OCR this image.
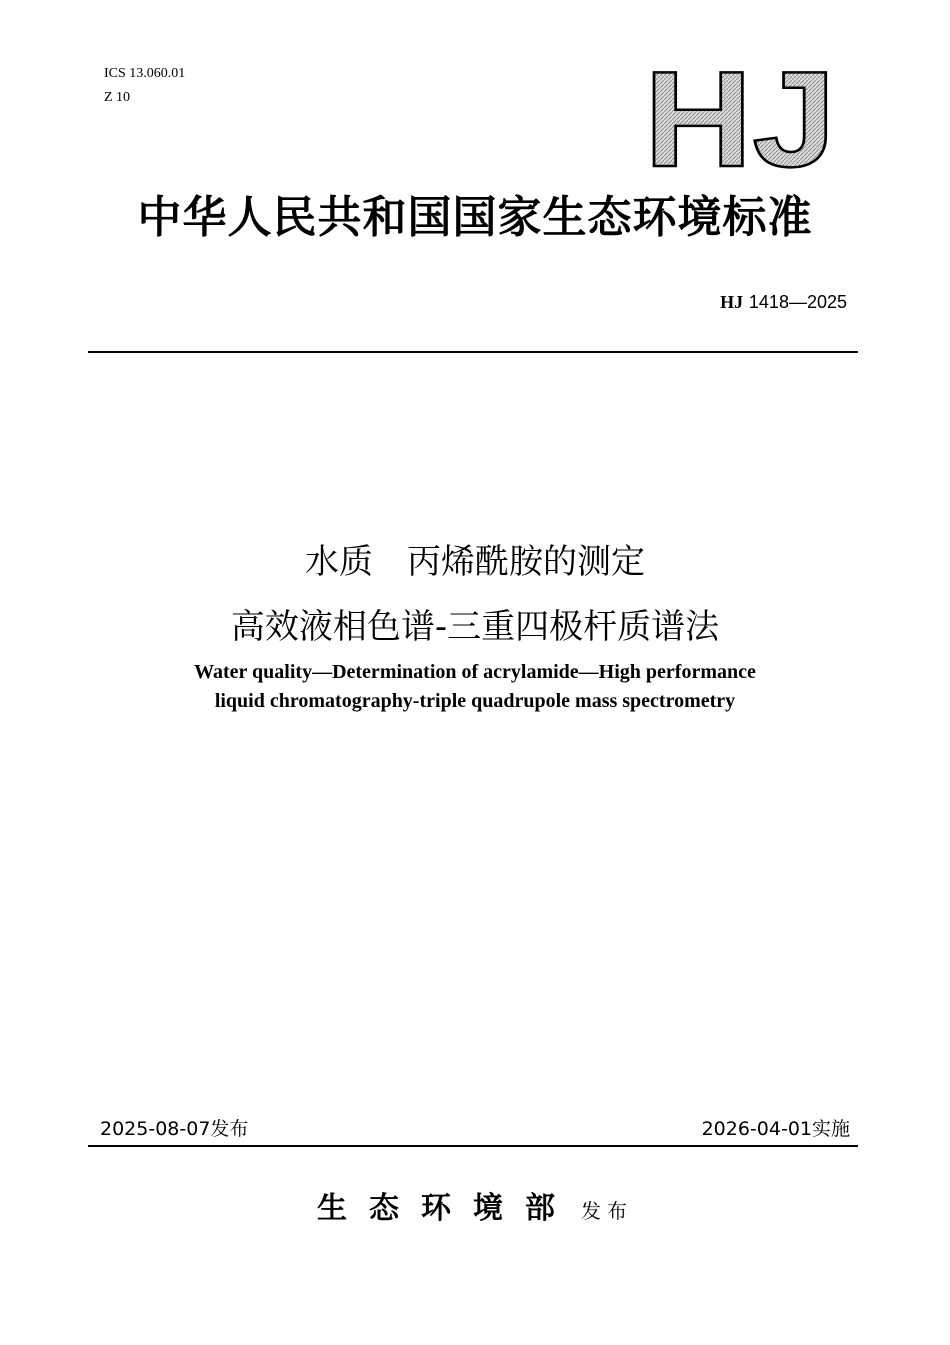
ICS 13.060.01
Z 10	HJ
中华人民共和国国家生态环境标准
HJ 1418—2025
水质　丙烯酰胺的测定
高效液相色谱-三重四极杆质谱法
Water quality—Determination of acrylamide—High performance
liquid chromatography-triple quadrupole mass spectrometry
2025-08-07发布	2026-04-01实施
生态环境部 发布
